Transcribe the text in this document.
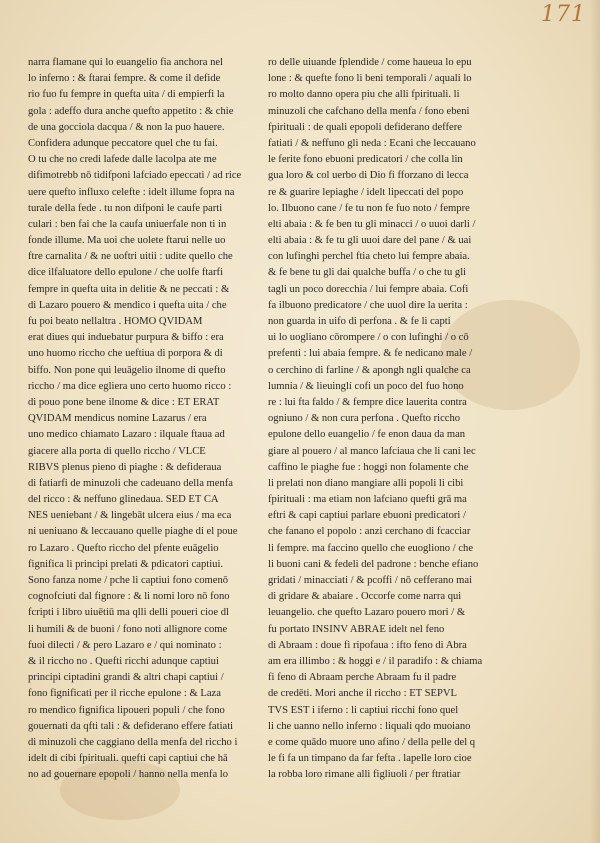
171
narra flamane qui lo euangelio fia anchora nel
lo inferno : & ftarai fempre. & come il defide
rio fuo fu fempre in quefta uita / di empierfi la
gola : adeffo dura anche quefto appetito : & chie
de una gocciola dacqua / & non la puo hauere.
Confidera adunque peccatore quel che tu fai.
O tu che no credi lafede dalle lacolpa ate me
difimotrebb nō tidifponi lafciado epeccati / ad rice
uere quefto influxo celefte : idelt illume fopra na
turale della fede . tu non difponi le caufe parti
culari : ben fai che la caufa uniuerfale non ti in
fonde illume. Ma uoi che uolete ftarui nelle uo
ftre carnalita / & ne uoftri uitii : udite quello che
dice ilfaluatore dello epulone / che uolfe ftarfi
fempre in quefta uita in delitie & ne peccati : &
di Lazaro pouero & mendico i quefta uita / che
fu poi beato nellaltra . HOMO QVIDAM
erat diues qui induebatur purpura & biffo : era
uno huomo riccho che ueftiua di porpora & di
biffo. Non pone qui leuāgelio ilnome di quefto
riccho / ma dice egliera uno certo huomo ricco :
di pouo pone bene ilnome & dice : ET ERAT
QVIDAM mendicus nomine Lazarus / era
uno medico chiamato Lazaro : ilquale ftaua ad
giacere alla porta di quello riccho / VLCE
RIBVS plenus pieno di piaghe : & defideraua
di fatiarfi de minuzoli che cadeuano della menfa
del ricco : & neffuno glinedaua. SED ET CA
NES ueniebant / & lingebāt ulcera eius / ma eca
ni ueniuano & leccauano quelle piaghe di el poue
ro Lazaro . Quefto riccho del pfente euāgelio
fignifica li principi prelati & pdicatori captiui.
Sono fanza nome / pche li captiui fono comenō
cognofciuti dal fignore : & li nomi loro nō fono
fcripti i libro uiuētiū ma qlli delli poueri cioe dl
li humili & de buoni / fono noti allignore come
fuoi dilecti / & pero Lazaro e / qui nominato :
& il riccho no . Quefti ricchi adunque captiui
principi ciptadini grandi & altri chapi captiui /
fono fignificati per il ricche epulone : & Laza
ro mendico fignifica lipoueri populi / che fono
gouernati da qfti tali : & defiderano effere fatiati
di minuzoli che caggiano della menfa del riccho i
idelt di cibi fpirituali. quefti capi captiui che hā
no ad gouernare epopoli / hanno nella menfa lo
ro delle uiuande fplendide / come haueua lo epu
lone : & quefte fono li beni temporali / aquali lo
ro molto danno opera piu che alli fpirituali. li
minuzoli che cafchano della menfa / fono ebeni
fpirituali : de quali epopoli defiderano deffere
fatiati / & neffuno gli neda : Ecani che leccauano
le ferite fono ebuoni predicatori / che colla lin
gua loro & col uerbo di Dio fi fforzano di lecca
re & guarire lepiaghe / idelt lipeccati del popo
lo. Ilbuono cane / fe tu non fe fuo noto / fempre
elti abaia : & fe ben tu gli minacci / o uuoi darli /
elti abaia : & fe tu gli uuoi dare del pane / & uai
con lufinghi perchel ftia cheto lui fempre abaia.
& fe bene tu gli dai qualche buffa / o che tu gli
tagli un poco dorecchia / lui fempre abaia. Cofi
fa ilbuono predicatore / che uuol dire la uerita :
non guarda in uifo di perfona . & fe li capti
ui lo uogliano cōrompere / o con lufinghi / o cō
prefenti : lui abaia fempre. & fe nedicano male /
o cerchino di farline / & apongh ngli qualche ca
lumnia / & lieuinglí cofi un poco del fuo hono
re : lui fta faldo / & fempre dice lauerita contra
ogniuno / & non cura perfona . Quefto riccho
epulone dello euangelio / fe enon daua da man
giare al pouero / al manco lafciaua che li cani lec
caffino le piaghe fue : hoggi non folamente che
li prelati non diano mangiare alli popoli li cibi
fpirituali : ma etiam non lafciano quefti grā ma
eftri & capi captiui parlare ebuoni predicatori /
che fanano el popolo : anzi cerchano di fcacciar
li fempre. ma faccino quello che euogliono / che
li buoni cani & fedeli del padrone : benche efiano
gridati / minacciati / & pcoffi / nō cefferano mai
di gridare & abaiare . Occorfe come narra qui
leuangelio. che quefto Lazaro pouero mori / &
fu portato INSINV ABRAE idelt nel feno
di Abraam : doue fi ripofaua : ifto feno di Abra
am era illimbo : & hoggi e / il paradifo : & chiama
fi feno di Abraam perche Abraam fu il padre
de credēti. Mori anche il riccho : ET SEPVL
TVS EST i iferno : li captiui ricchi fono quel
li che uanno nello inferno : liquali qdo muoiano
e come quādo muore uno afino / della pelle del q
le fi fa un timpano da far fefta . lapelle loro cioe
la robba loro rimane alli figliuoli / per ftratiar
